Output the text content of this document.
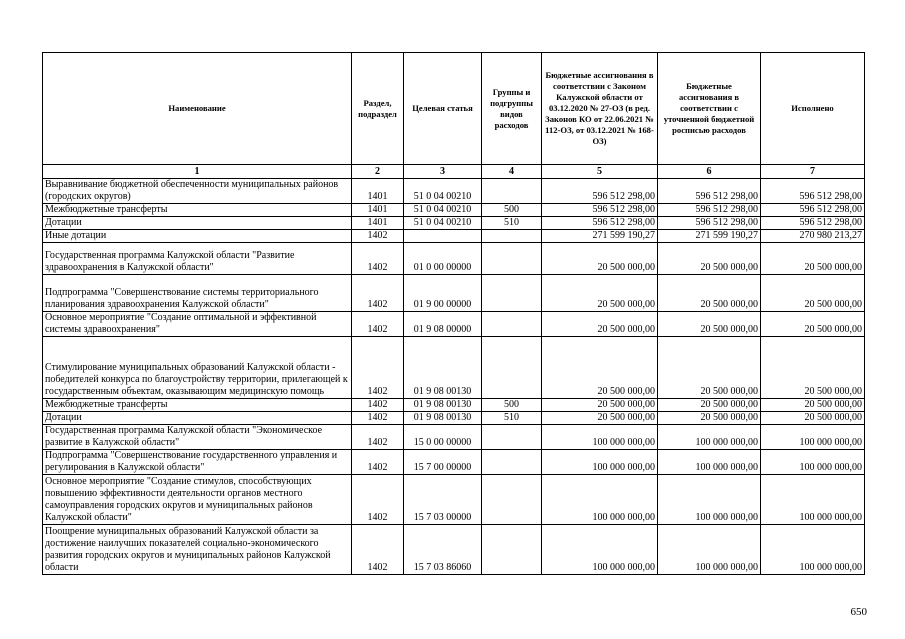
Наименование	Раздел, подраздел	Целевая статья	Группы и подгруппы видов расходов	Бюджетные ассигнования в соответствии с Законом Калужской области от 03.12.2020 № 27-ОЗ (в ред. Законов КО от 22.06.2021 № 112-ОЗ, от 03.12.2021 № 168-ОЗ)	Бюджетные ассигнования в соответствии с уточненной бюджетной росписью расходов	Исполнено
1	2	3	4	5	6	7
Выравнивание бюджетной обеспеченности муниципальных районов (городских округов)	1401	51 0 04 00210		596 512 298,00	596 512 298,00	596 512 298,00
Межбюджетные трансферты	1401	51 0 04 00210	500	596 512 298,00	596 512 298,00	596 512 298,00
Дотации	1401	51 0 04 00210	510	596 512 298,00	596 512 298,00	596 512 298,00
Иные дотации	1402			271 599 190,27	271 599 190,27	270 980 213,27
Государственная программа Калужской области "Развитие здравоохранения в Калужской области"	1402	01 0 00 00000		20 500 000,00	20 500 000,00	20 500 000,00
Подпрограмма "Совершенствование системы территориального планирования здравоохранения Калужской области"	1402	01 9 00 00000		20 500 000,00	20 500 000,00	20 500 000,00
Основное мероприятие "Создание оптимальной и эффективной системы здравоохранения"	1402	01 9 08 00000		20 500 000,00	20 500 000,00	20 500 000,00
Стимулирование муниципальных образований Калужской области - победителей конкурса по благоустройству территории, прилегающей к государственным объектам, оказывающим медицинскую помощь	1402	01 9 08 00130		20 500 000,00	20 500 000,00	20 500 000,00
Межбюджетные трансферты	1402	01 9 08 00130	500	20 500 000,00	20 500 000,00	20 500 000,00
Дотации	1402	01 9 08 00130	510	20 500 000,00	20 500 000,00	20 500 000,00
Государственная программа Калужской области "Экономическое развитие в Калужской области"	1402	15 0 00 00000		100 000 000,00	100 000 000,00	100 000 000,00
Подпрограмма "Совершенствование государственного управления и регулирования в Калужской области"	1402	15 7 00 00000		100 000 000,00	100 000 000,00	100 000 000,00
Основное мероприятие "Создание стимулов, способствующих повышению эффективности деятельности органов местного самоуправления городских округов и муниципальных районов Калужской области"	1402	15 7 03 00000		100 000 000,00	100 000 000,00	100 000 000,00
Поощрение муниципальных образований Калужской области за достижение наилучших показателей социально-экономического развития городских округов и муниципальных районов Калужской области	1402	15 7 03 86060		100 000 000,00	100 000 000,00	100 000 000,00
650
